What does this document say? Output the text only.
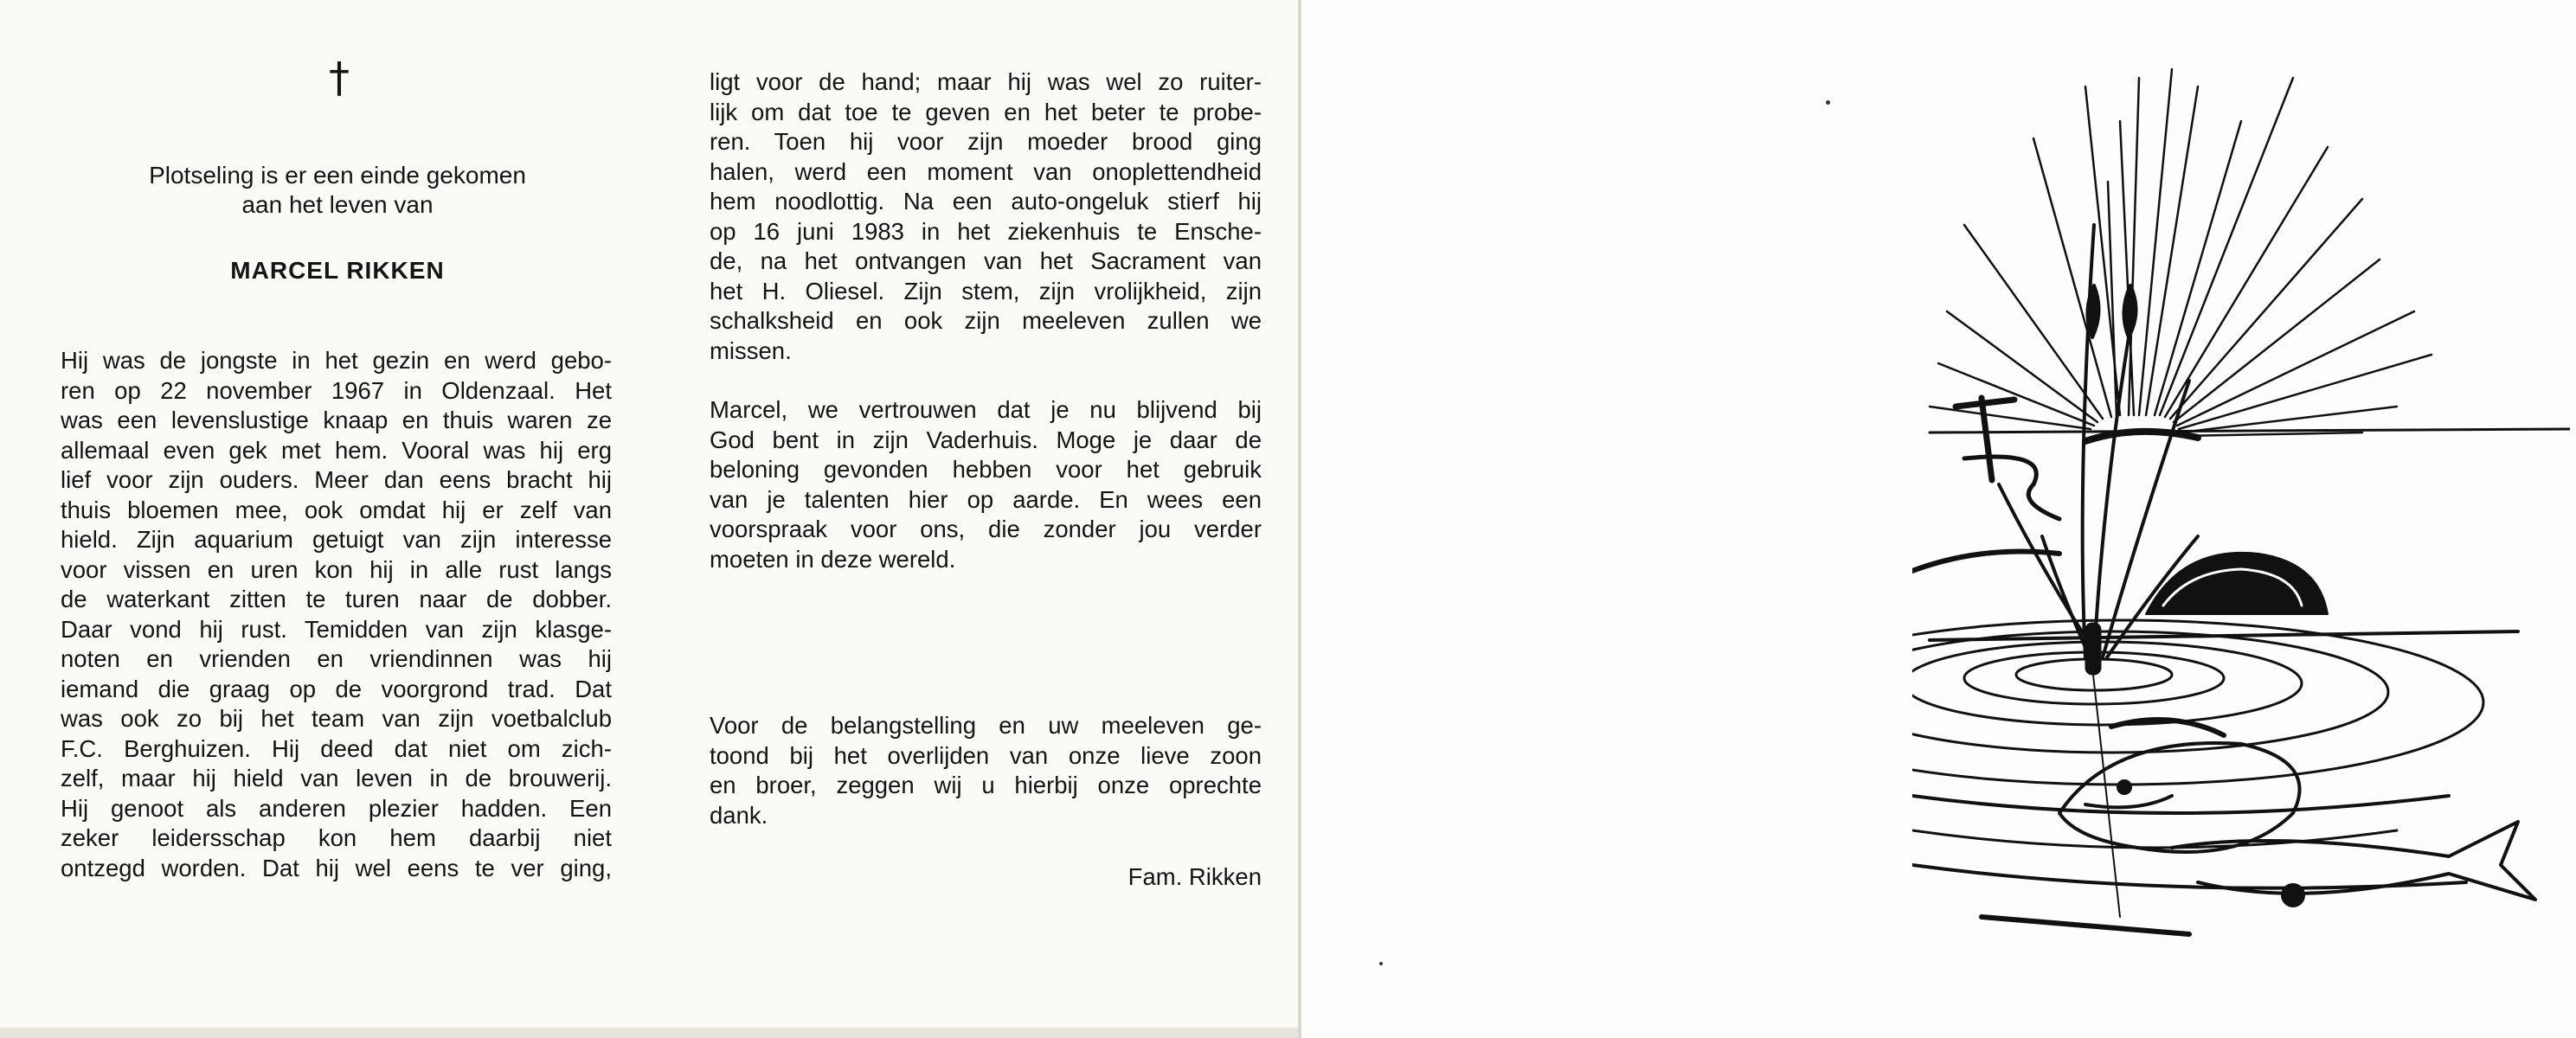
†
Plotseling is er een einde gekomen
aan het leven van
MARCEL RIKKEN
Hij was de jongste in het gezin en werd gebo-
ren op 22 november 1967 in Oldenzaal. Het
was een levenslustige knaap en thuis waren ze
allemaal even gek met hem. Vooral was hij erg
lief voor zijn ouders. Meer dan eens bracht hij
thuis bloemen mee, ook omdat hij er zelf van
hield. Zijn aquarium getuigt van zijn interesse
voor vissen en uren kon hij in alle rust langs
de waterkant zitten te turen naar de dobber.
Daar vond hij rust. Temidden van zijn klasge-
noten en vrienden en vriendinnen was hij
iemand die graag op de voorgrond trad. Dat
was ook zo bij het team van zijn voetbalclub
F.C. Berghuizen. Hij deed dat niet om zich-
zelf, maar hij hield van leven in de brouwerij.
Hij genoot als anderen plezier hadden. Een
zeker leidersschap kon hem daarbij niet
ontzegd worden. Dat hij wel eens te ver ging,

ligt voor de hand; maar hij was wel zo ruiter-
lijk om dat toe te geven en het beter te probe-
ren. Toen hij voor zijn moeder brood ging
halen, werd een moment van onoplettendheid
hem noodlottig. Na een auto-ongeluk stierf hij
op 16 juni 1983 in het ziekenhuis te Ensche-
de, na het ontvangen van het Sacrament van
het H. Oliesel. Zijn stem, zijn vrolijkheid, zijn
schalksheid en ook zijn meeleven zullen we
missen.

Marcel, we vertrouwen dat je nu blijvend bij
God bent in zijn Vaderhuis. Moge je daar de
beloning gevonden hebben voor het gebruik
van je talenten hier op aarde. En wees een
voorspraak voor ons, die zonder jou verder
moeten in deze wereld.

Voor de belangstelling en uw meeleven ge-
toond bij het overlijden van onze lieve zoon
en broer, zeggen wij u hierbij onze oprechte
dank.
Fam. Rikken
